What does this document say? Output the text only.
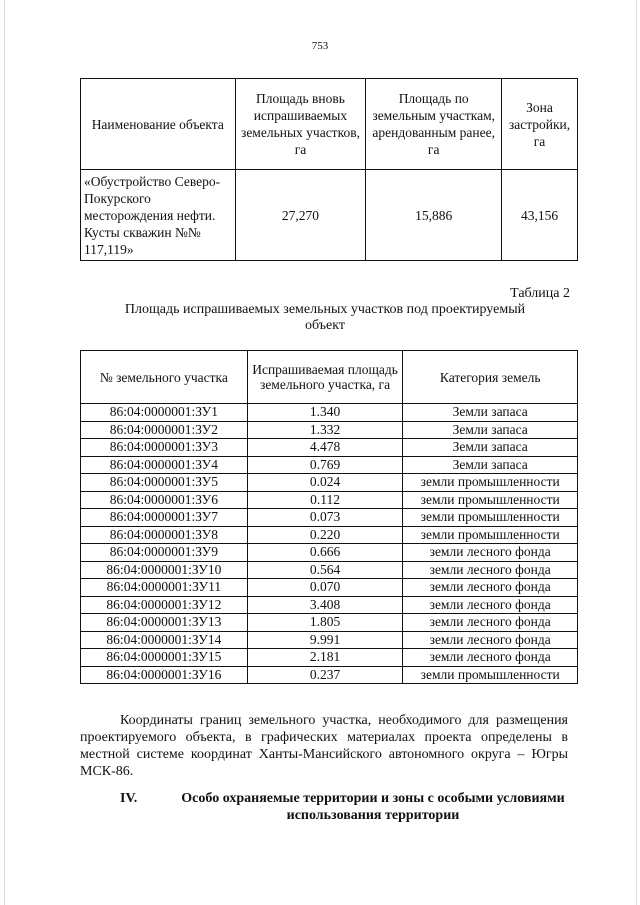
753
Наименование объекта	Площадь вновь испрашиваемых земельных участков, га	Площадь по земельным участкам, арендованным ранее, га	Зона застройки, га
«Обустройство Северо-Покурского месторождения нефти. Кусты скважин №№ 117,119»	27,270	15,886	43,156
Таблица 2
Площадь испрашиваемых земельных участков под проектируемый объект
№ земельного участка	Испрашиваемая площадь земельного участка, га	Категория земель
86:04:0000001:ЗУ1	1.340	Земли запаса
86:04:0000001:ЗУ2	1.332	Земли запаса
86:04:0000001:ЗУ3	4.478	Земли запаса
86:04:0000001:ЗУ4	0.769	Земли запаса
86:04:0000001:ЗУ5	0.024	земли промышленности
86:04:0000001:ЗУ6	0.112	земли промышленности
86:04:0000001:ЗУ7	0.073	земли промышленности
86:04:0000001:ЗУ8	0.220	земли промышленности
86:04:0000001:ЗУ9	0.666	земли лесного фонда
86:04:0000001:ЗУ10	0.564	земли лесного фонда
86:04:0000001:ЗУ11	0.070	земли лесного фонда
86:04:0000001:ЗУ12	3.408	земли лесного фонда
86:04:0000001:ЗУ13	1.805	земли лесного фонда
86:04:0000001:ЗУ14	9.991	земли лесного фонда
86:04:0000001:ЗУ15	2.181	земли лесного фонда
86:04:0000001:ЗУ16	0.237	земли промышленности
Координаты границ земельного участка, необходимого для размещения проектируемого объекта, в графических материалах проекта определены в местной системе координат Ханты-Мансийского автономного округа – Югры МСК-86.
IV.	Особо охраняемые территории и зоны с особыми условиями использования территории
